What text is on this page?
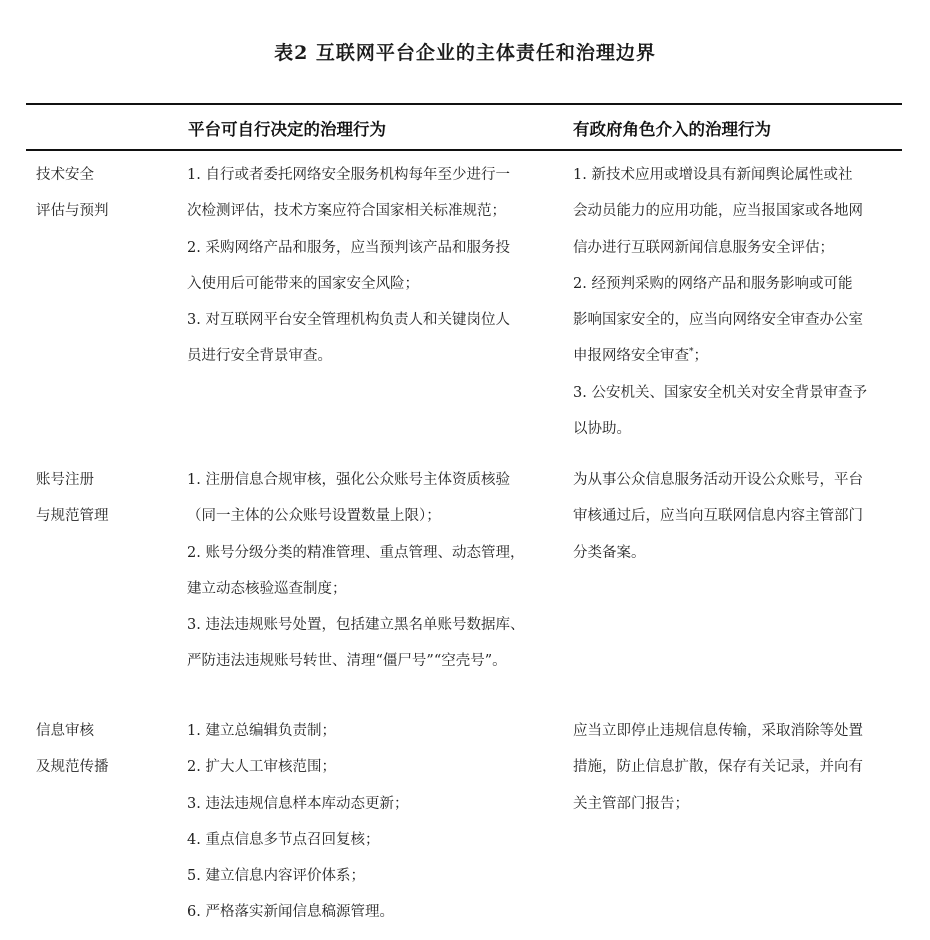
表2 互联网平台企业的主体责任和治理边界
平台可自行决定的治理行为	有政府角色介入的治理行为
技术安全
评估与预判
1. 自行或者委托网络安全服务机构每年至少进行一
次检测评估，技术方案应符合国家相关标准规范；
2. 采购网络产品和服务，应当预判该产品和服务投
入使用后可能带来的国家安全风险；
3. 对互联网平台安全管理机构负责人和关键岗位人
员进行安全背景审查。
1. 新技术应用或增设具有新闻舆论属性或社
会动员能力的应用功能，应当报国家或各地网
信办进行互联网新闻信息服务安全评估；
2. 经预判采购的网络产品和服务影响或可能
影响国家安全的，应当向网络安全审查办公室
申报网络安全审查*；
3. 公安机关、国家安全机关对安全背景审查予
以协助。
账号注册
与规范管理
1. 注册信息合规审核，强化公众账号主体资质核验
（同一主体的公众账号设置数量上限）；
2. 账号分级分类的精准管理、重点管理、动态管理，
建立动态核验巡查制度；
3. 违法违规账号处置，包括建立黑名单账号数据库、
严防违法违规账号转世、清理“僵尸号”“空壳号”。
为从事公众信息服务活动开设公众账号，平台
审核通过后，应当向互联网信息内容主管部门
分类备案。
信息审核
及规范传播
1. 建立总编辑负责制；
2. 扩大人工审核范围；
3. 违法违规信息样本库动态更新；
4. 重点信息多节点召回复核；
5. 建立信息内容评价体系；
6. 严格落实新闻信息稿源管理。
应当立即停止违规信息传输，采取消除等处置
措施，防止信息扩散，保存有关记录，并向有
关主管部门报告；
